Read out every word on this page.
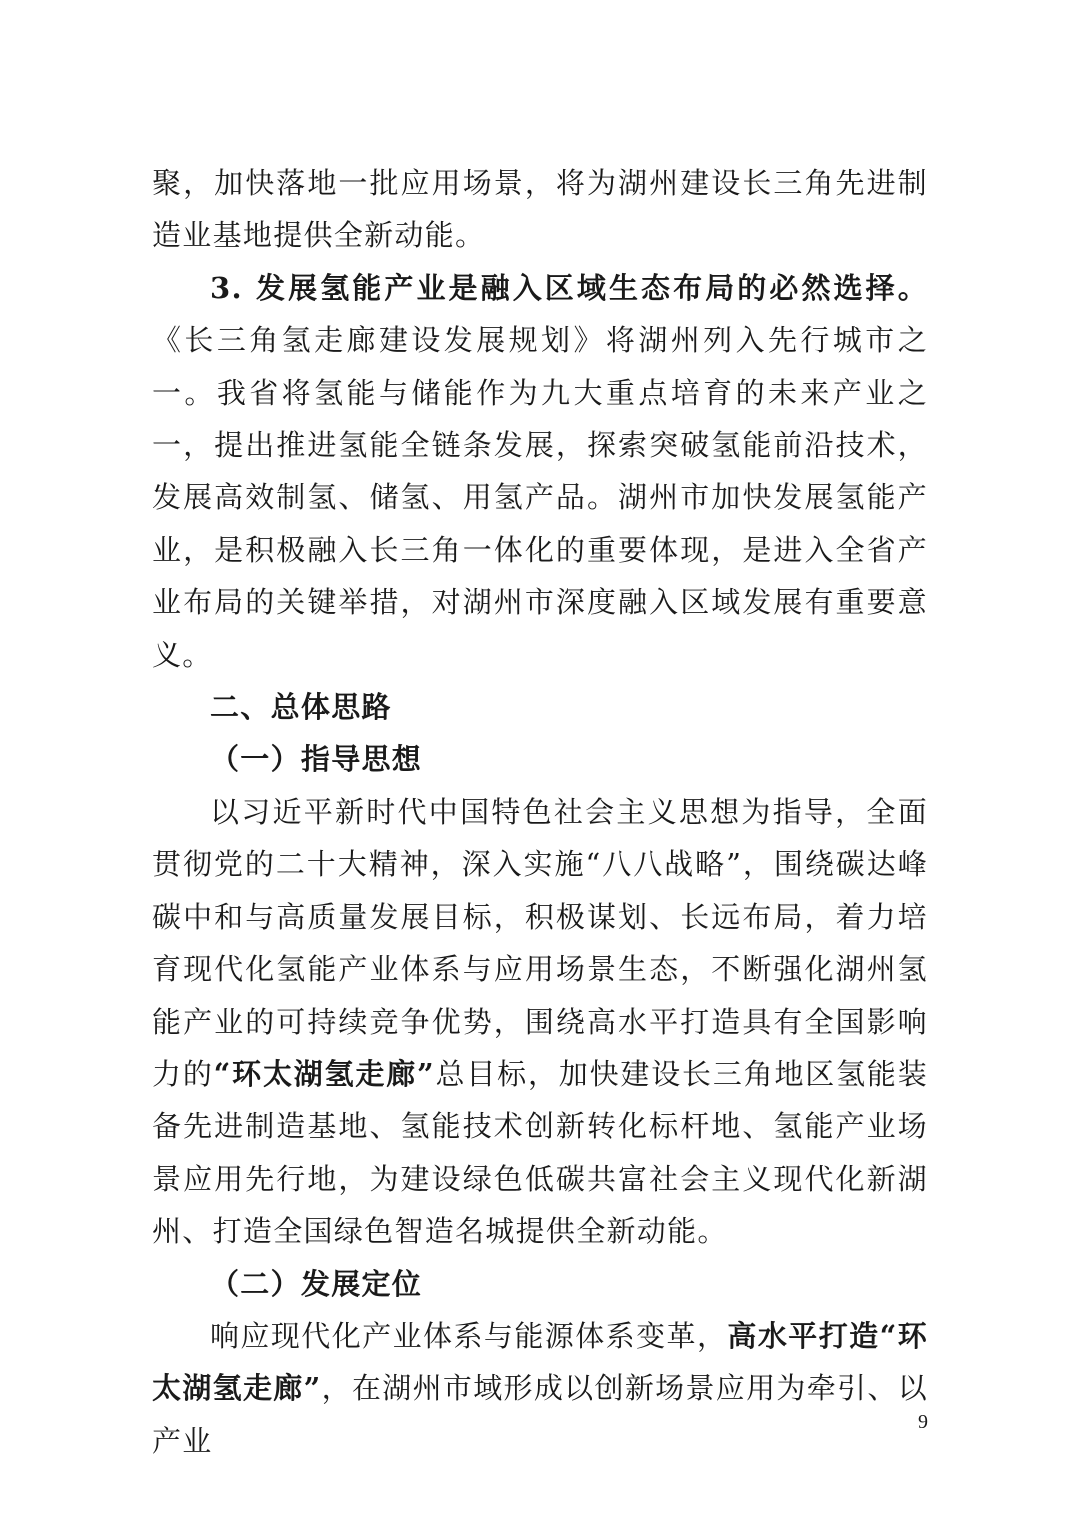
聚，加快落地一批应用场景，将为湖州建设长三角先进制造业基地提供全新动能。

3. 发展氢能产业是融入区域生态布局的必然选择。《长三角氢走廊建设发展规划》将湖州列入先行城市之一。我省将氢能与储能作为九大重点培育的未来产业之一，提出推进氢能全链条发展，探索突破氢能前沿技术，发展高效制氢、储氢、用氢产品。湖州市加快发展氢能产业，是积极融入长三角一体化的重要体现，是进入全省产业布局的关键举措，对湖州市深度融入区域发展有重要意义。

二、总体思路

（一）指导思想

以习近平新时代中国特色社会主义思想为指导，全面贯彻党的二十大精神，深入实施“八八战略”，围绕碳达峰碳中和与高质量发展目标，积极谋划、长远布局，着力培育现代化氢能产业体系与应用场景生态，不断强化湖州氢能产业的可持续竞争优势，围绕高水平打造具有全国影响力的“环太湖氢走廊”总目标，加快建设长三角地区氢能装备先进制造基地、氢能技术创新转化标杆地、氢能产业场景应用先行地，为建设绿色低碳共富社会主义现代化新湖州、打造全国绿色智造名城提供全新动能。

（二）发展定位

响应现代化产业体系与能源体系变革，高水平打造“环太湖氢走廊”，在湖州市域形成以创新场景应用为牵引、以产业

9
